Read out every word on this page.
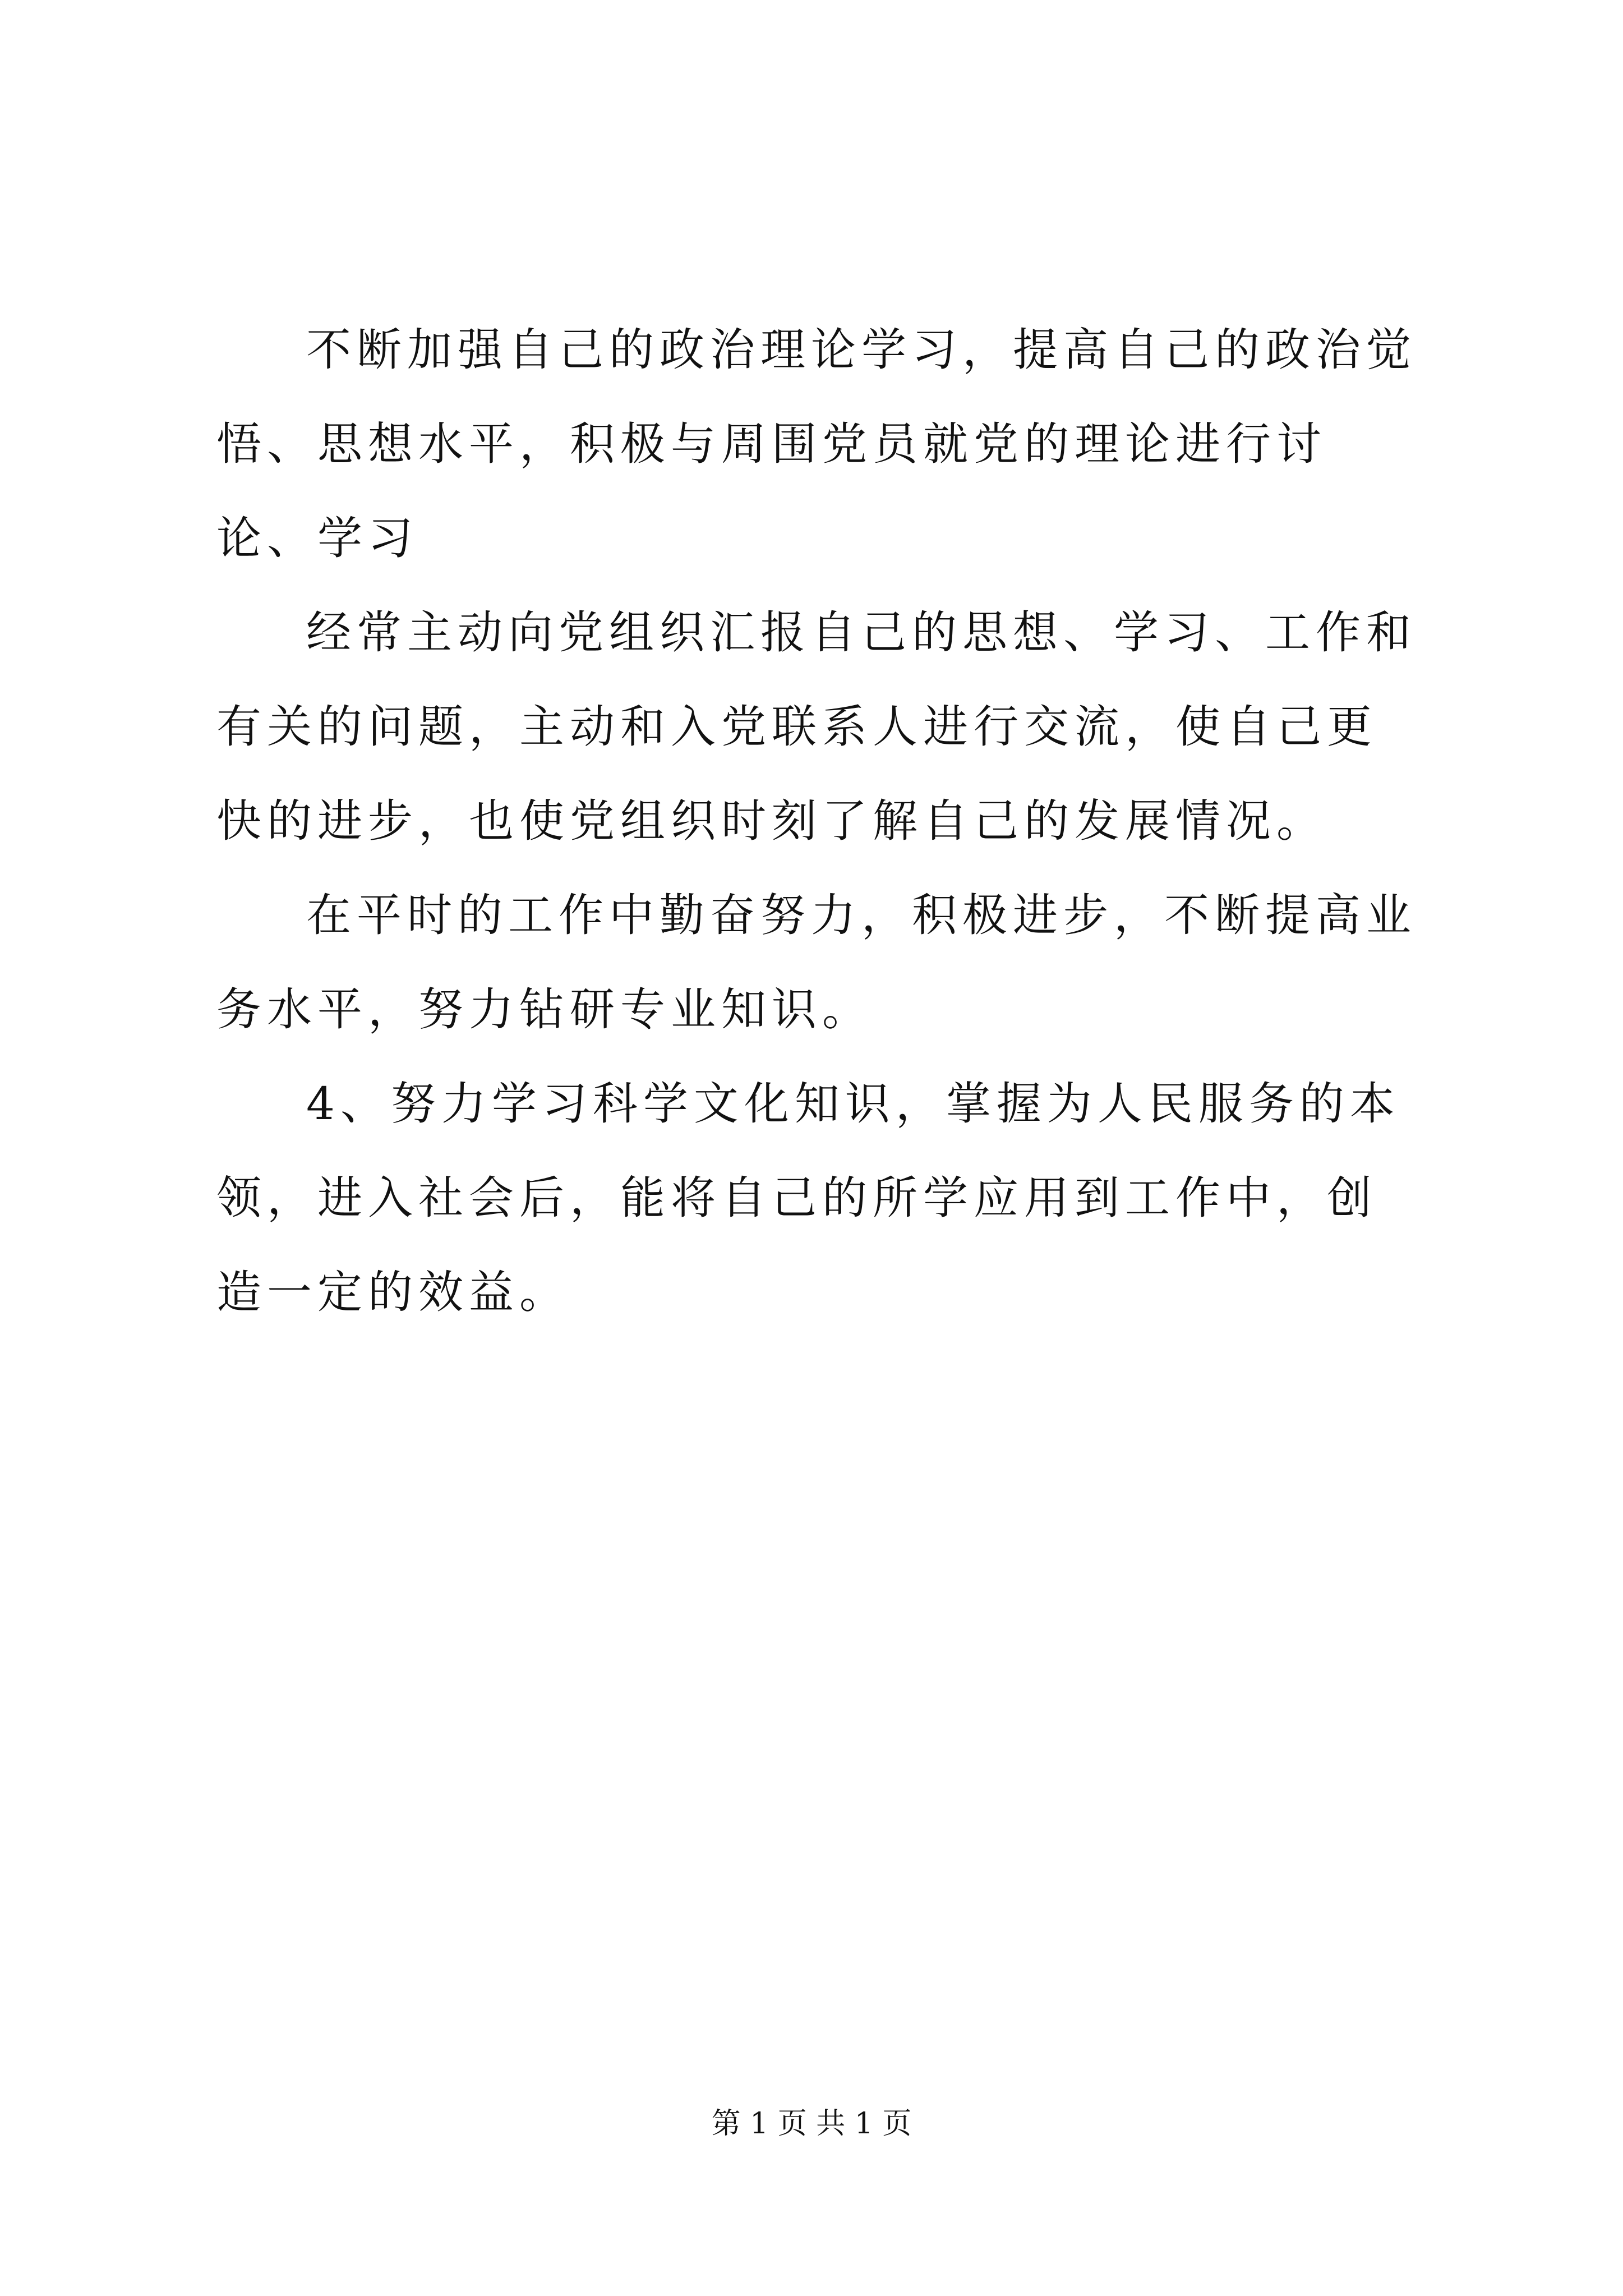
不断加强自己的政治理论学习，提高自己的政治觉悟、思想水平，积极与周围党员就党的理论进行讨论、学习

经常主动向党组织汇报自己的思想、学习、工作和有关的问题，主动和入党联系人进行交流，使自己更快的进步，也使党组织时刻了解自己的发展情况。

在平时的工作中勤奋努力，积极进步，不断提高业务水平，努力钻研专业知识。

4、努力学习科学文化知识，掌握为人民服务的本领，进入社会后，能将自己的所学应用到工作中，创造一定的效益。

第 1 页 共 1 页
